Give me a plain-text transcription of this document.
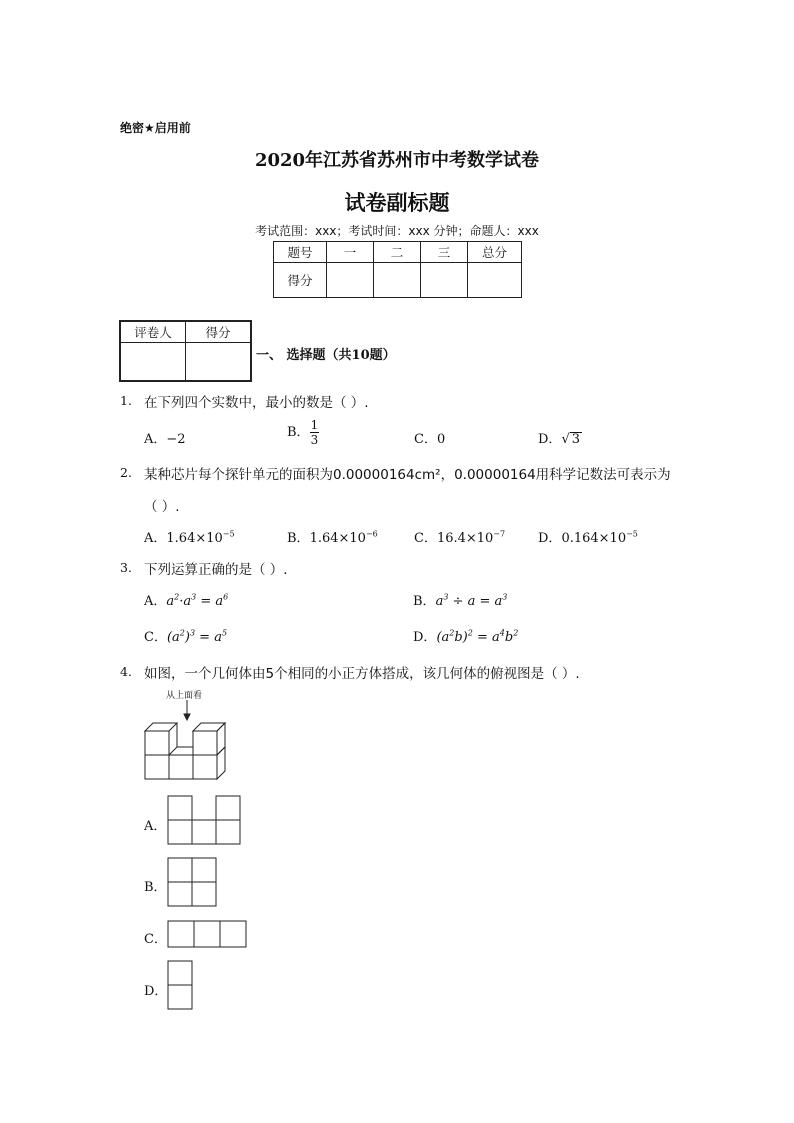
绝密★启用前
2020年江苏省苏州市中考数学试卷
试卷副标题
考试范围：xxx；考试时间：xxx 分钟；命题人：xxx
题号	一	二	三	总分
得分				
评卷人	得分

一、 选择题（共10题）
1. 在下列四个实数中，最小的数是（ ）.
A．−2	B． $\frac{1}{3}$	C．0	D．√ 3
2. 某种芯片每个探针单元的面积为0.00000164cm²，0.00000164用科学记数法可表示为
（ ）.
A．$1.64\times 10^{-5}$	B．$1.64\times 10^{-6}$	C．$16.4\times 10^{-7}$	D．$0.164\times 10^{-5}$
3. 下列运算正确的是（ ）.
A．$a^2\cdot a^3 = a^6$	B．$a^3 \div a = a^3$
C．$(a^2)^3 = a^5$	D．$(a^2b)^2 = a^4b^2$
4. 如图，一个几何体由5个相同的小正方体搭成，该几何体的俯视图是（ ）.
从上面看
A．
B．
C．
D．
